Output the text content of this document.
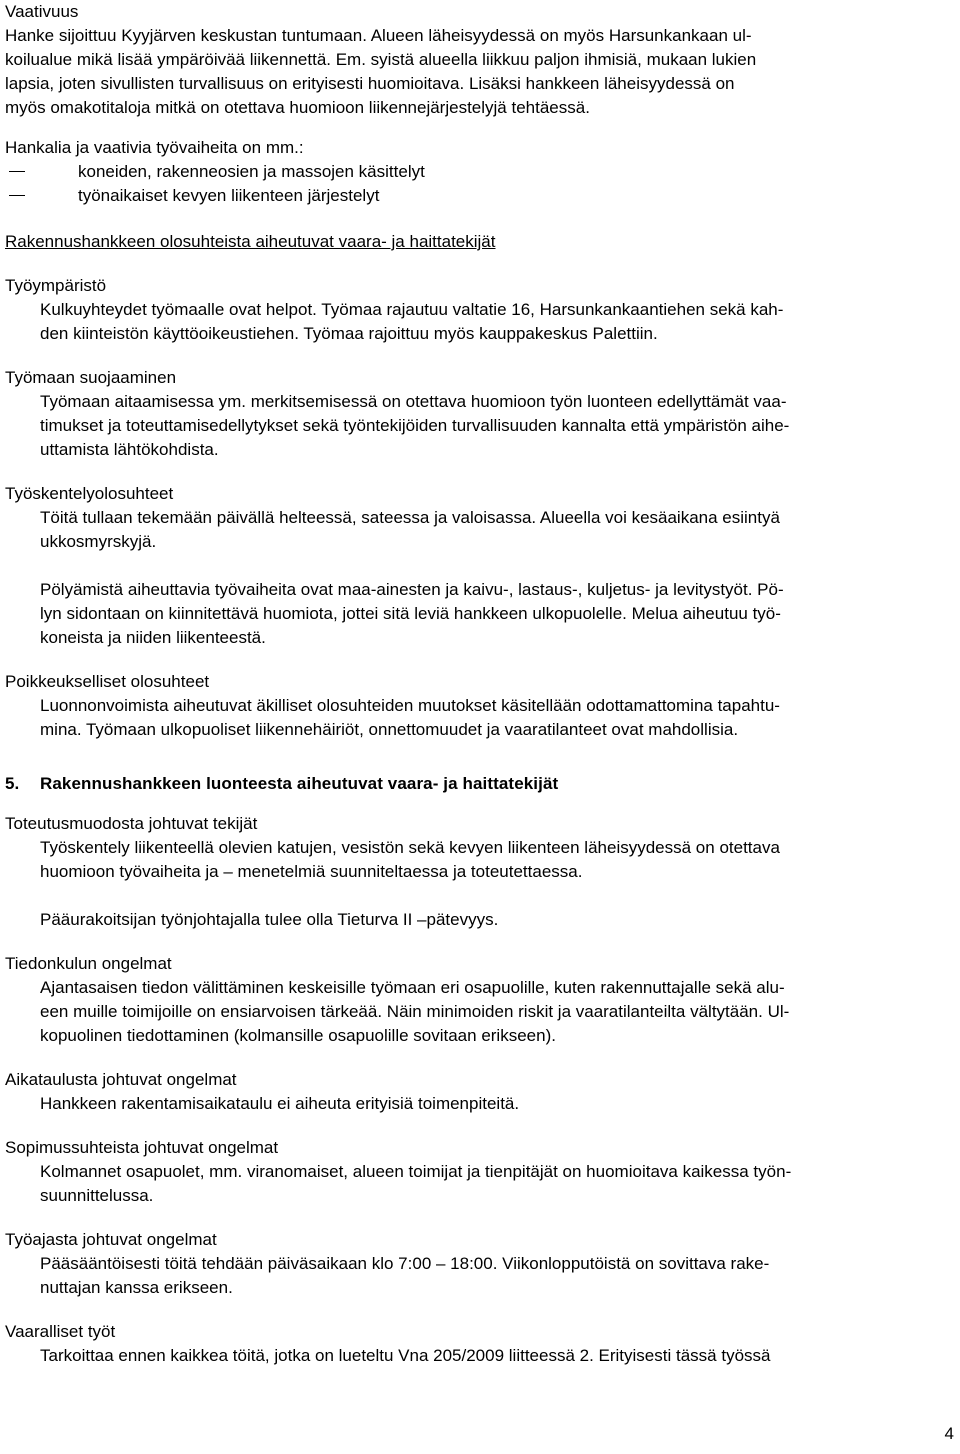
Vaativuus

Hanke sijoittuu Kyyjärven keskustan tuntumaan. Alueen läheisyydessä on myös Harsunkankaan ul-

koilualue mikä lisää ympäröivää liikennettä. Em. syistä alueella liikkuu paljon ihmisiä, mukaan lukien

lapsia, joten sivullisten turvallisuus on erityisesti huomioitava. Lisäksi hankkeen läheisyydessä on

myös omakotitaloja mitkä on otettava huomioon liikennejärjestelyjä tehtäessä.

Hankalia ja vaativia työvaiheita on mm.:

koneiden, rakenneosien ja massojen käsittelyt

työnaikaiset kevyen liikenteen järjestelyt

Rakennushankkeen olosuhteista aiheutuvat vaara- ja haittatekijät

Työympäristö

Kulkuyhteydet työmaalle ovat helpot. Työmaa rajautuu valtatie 16, Harsunkankaantiehen sekä kah-

den kiinteistön käyttöoikeustiehen. Työmaa rajoittuu myös kauppakeskus Palettiin.

Työmaan suojaaminen

Työmaan aitaamisessa ym. merkitsemisessä on otettava huomioon työn luonteen edellyttämät vaa-

timukset ja toteuttamisedellytykset sekä työntekijöiden turvallisuuden kannalta että ympäristön aihe-

uttamista lähtökohdista.

Työskentelyolosuhteet

Töitä tullaan tekemään päivällä helteessä, sateessa ja valoisassa. Alueella voi kesäaikana esiintyä

ukkosmyrskyjä.

Pölyämistä aiheuttavia työvaiheita ovat maa-ainesten ja kaivu-, lastaus-, kuljetus- ja levitystyöt. Pö-

lyn sidontaan on kiinnitettävä huomiota, jottei sitä leviä hankkeen ulkopuolelle. Melua aiheutuu työ-

koneista ja niiden liikenteestä.

Poikkeukselliset olosuhteet

Luonnonvoimista aiheutuvat äkilliset olosuhteiden muutokset käsitellään odottamattomina tapahtu-

mina. Työmaan ulkopuoliset liikennehäiriöt, onnettomuudet ja vaaratilanteet ovat mahdollisia.

5. Rakennushankkeen luonteesta aiheutuvat vaara- ja haittatekijät

Toteutusmuodosta johtuvat tekijät

Työskentely liikenteellä olevien katujen, vesistön sekä kevyen liikenteen läheisyydessä on otettava

huomioon työvaiheita ja – menetelmiä suunniteltaessa ja toteutettaessa.

Pääurakoitsijan työnjohtajalla tulee olla Tieturva II –pätevyys.

Tiedonkulun ongelmat

Ajantasaisen tiedon välittäminen keskeisille työmaan eri osapuolille, kuten rakennuttajalle sekä alu-

een muille toimijoille on ensiarvoisen tärkeää. Näin minimoiden riskit ja vaaratilanteilta vältytään. Ul-

kopuolinen tiedottaminen (kolmansille osapuolille sovitaan erikseen).

Aikataulusta johtuvat ongelmat

Hankkeen rakentamisaikataulu ei aiheuta erityisiä toimenpiteitä.

Sopimussuhteista johtuvat ongelmat

Kolmannet osapuolet, mm. viranomaiset, alueen toimijat ja tienpitäjät on huomioitava kaikessa työn-

suunnittelussa.

Työajasta johtuvat ongelmat

Pääsääntöisesti töitä tehdään päiväsaikaan klo 7:00 – 18:00. Viikonlopputöistä on sovittava rake-

nuttajan kanssa erikseen.

Vaaralliset työt

Tarkoittaa ennen kaikkea töitä, jotka on lueteltu Vna 205/2009 liitteessä 2. Erityisesti tässä työssä

4
